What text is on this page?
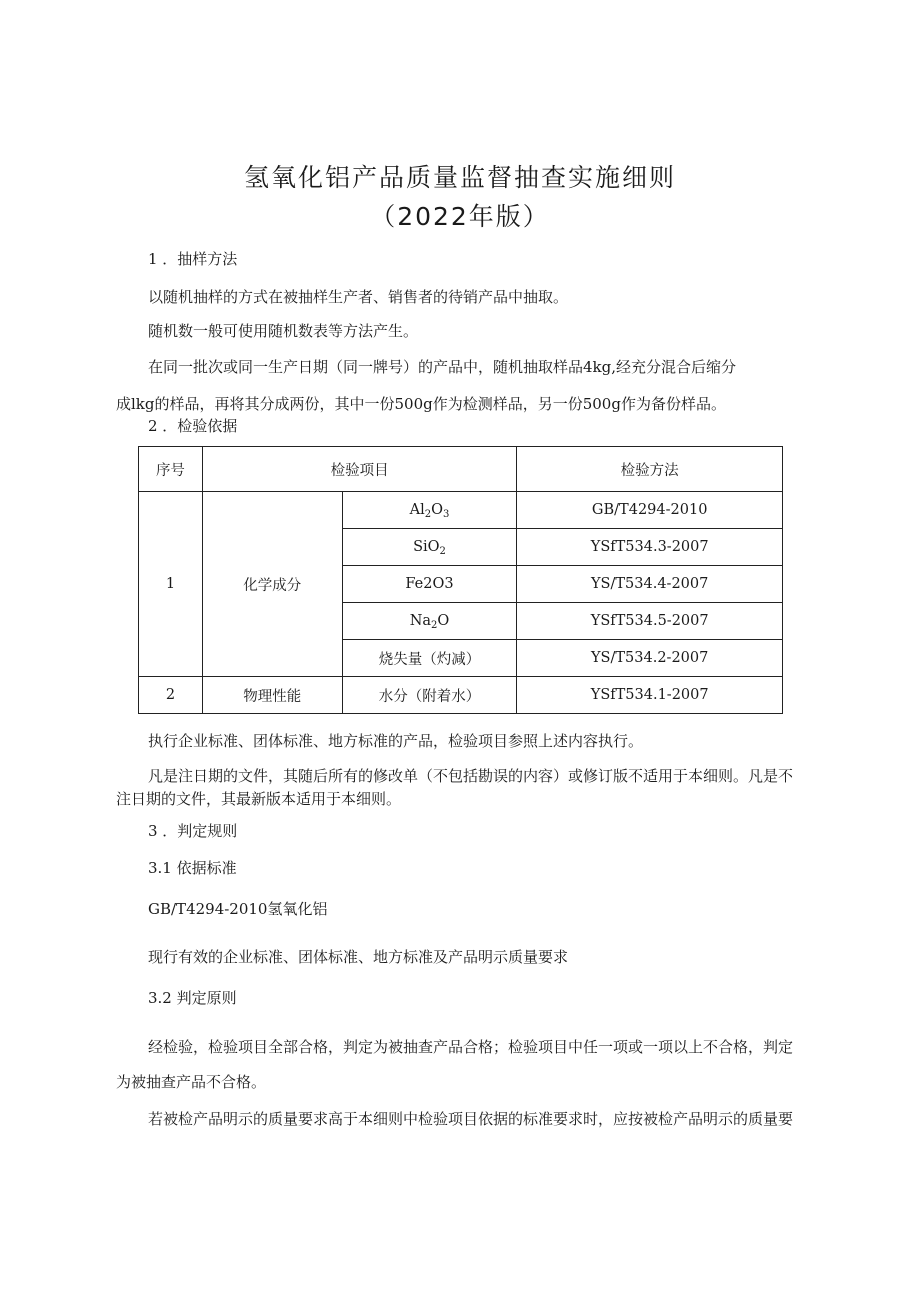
氢氧化铝产品质量监督抽查实施细则
（2022年版）
1 ．抽样方法
以随机抽样的方式在被抽样生产者、销售者的待销产品中抽取。
随机数一般可使用随机数表等方法产生。
在同一批次或同一生产日期（同一牌号）的产品中，随机抽取样品4kg,经充分混合后缩分
成lkg的样品，再将其分成两份，其中一份500g作为检测样品，另一份500g作为备份样品。
2 ．检验依据
序号	检验项目		检验方法
1	化学成分	$Al_2O_3$	GB/T4294-2010
		SiO$_2$	YSfT534.3-2007
		Fe2O3	YS/T534.4-2007
		$Na_2O$	YSfT534.5-2007
		烧失量（灼减）	YS/T534.2-2007
2	物理性能	水分（附着水）	YSfT534.1-2007
执行企业标准、团体标准、地方标准的产品，检验项目参照上述内容执行。
凡是注日期的文件，其随后所有的修改单（不包括勘误的内容）或修订版不适用于本细则。凡是不
注日期的文件，其最新版本适用于本细则。
3 ．判定规则
3.1 依据标准
GB/T4294-2010氢氧化铝
现行有效的企业标准、团体标准、地方标准及产品明示质量要求
3.2 判定原则
经检验，检验项目全部合格，判定为被抽查产品合格；检验项目中任一项或一项以上不合格，判定
为被抽查产品不合格。
若被检产品明示的质量要求高于本细则中检验项目依据的标准要求时，应按被检产品明示的质量要
